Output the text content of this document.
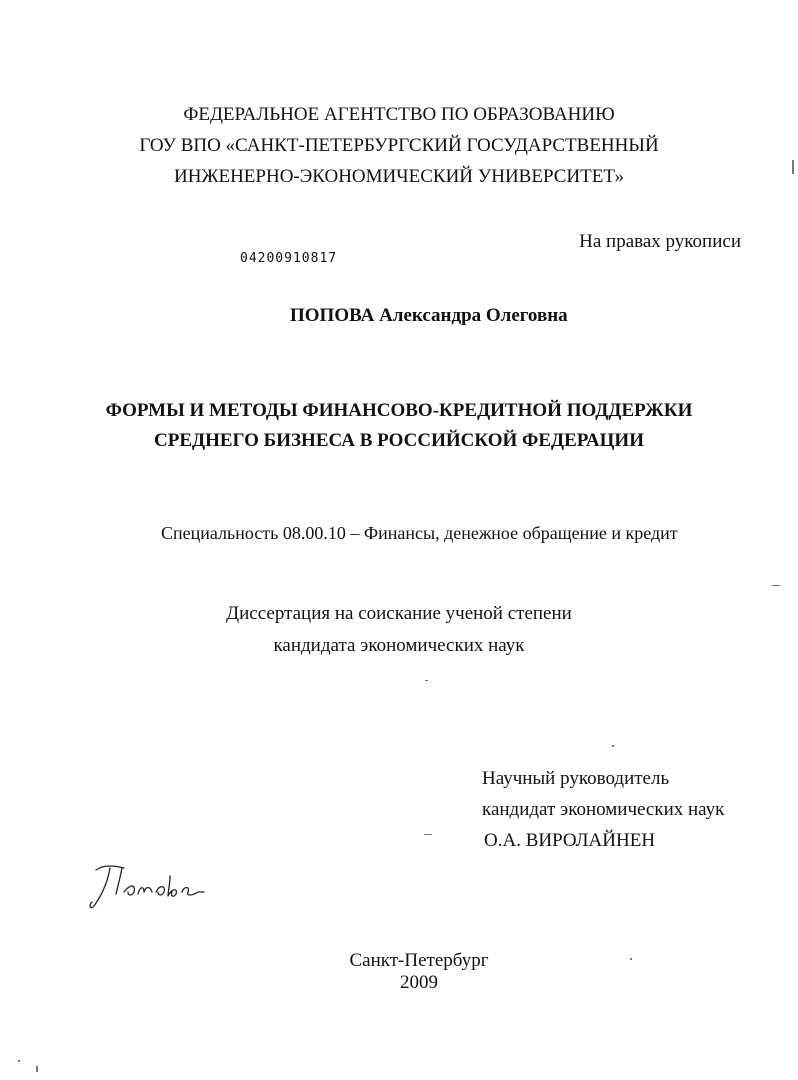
ФЕДЕРАЛЬНОЕ АГЕНТСТВО ПО ОБРАЗОВАНИЮ
ГОУ ВПО «САНКТ-ПЕТЕРБУРГСКИЙ ГОСУДАРСТВЕННЫЙ
ИНЖЕНЕРНО-ЭКОНОМИЧЕСКИЙ УНИВЕРСИТЕТ»
На правах рукописи
04200910817
ПОПОВА Александра Олеговна
ФОРМЫ И МЕТОДЫ ФИНАНСОВО-КРЕДИТНОЙ ПОДДЕРЖКИ
СРЕДНЕГО БИЗНЕСА В РОССИЙСКОЙ ФЕДЕРАЦИИ
Специальность 08.00.10 – Финансы, денежное обращение и кредит
Диссертация на соискание ученой степени
кандидата экономических наук
Научный руководитель
кандидат экономических наук
О.А. ВИРОЛАЙНЕН
Санкт-Петербург
2009
